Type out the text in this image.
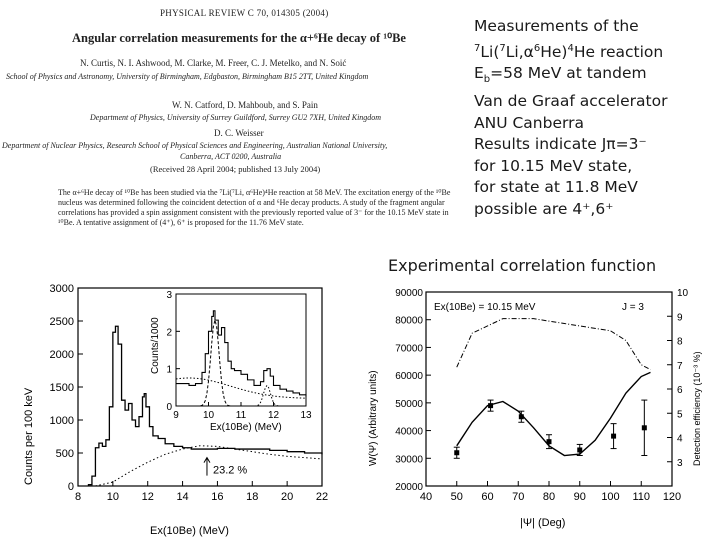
PHYSICAL REVIEW C 70, 014305 (2004)
Angular correlation measurements for the α+⁶He decay of ¹⁰Be
N. Curtis, N. I. Ashwood, M. Clarke, M. Freer, C. J. Metelko, and N. Soić
School of Physics and Astronomy, University of Birmingham, Edgbaston, Birmingham B15 2TT, United Kingdom
W. N. Catford, D. Mahboub, and S. Pain
Department of Physics, University of Surrey Guildford, Surrey GU2 7XH, United Kingdom
D. C. Weisser
Department of Nuclear Physics, Research School of Physical Sciences and Engineering, Australian National University,
Canberra, ACT 0200, Australia
(Received 28 April 2004; published 13 July 2004)
The α+⁶He decay of ¹⁰Be has been studied via the ⁷Li(⁷Li, α⁶He)⁴He reaction at 58 MeV. The excitation energy of the ¹⁰Be nucleus was determined following the coincident detection of α and ⁶He decay products. A study of the fragment angular correlations has provided a spin assignment consistent with the previously reported value of 3⁻ for the 10.15 MeV state in ¹⁰Be. A tentative assignment of (4⁺), 6⁺ is proposed for the 11.76 MeV state.
Measurements of the
$^7Li(^7Li,\alpha^6He)^4He$ reaction
$E_b=58$ MeV at tandem
Van de Graaf accelerator
ANU Canberra
Results indicate Jπ=3⁻
for 10.15 MeV state,
for state at 11.8 MeV
possible are 4⁺,6⁺
Experimental correlation function
8 10 12 14 16 18 20 22
0
500
1000
1500
2000
2500
3000
23.2 %
9 10 11 12 13
0
1
2
3
Counts/1000
Ex(10Be) (MeV)
Counts per 100 keV
Ex(10Be) (MeV)
40 50 60 70 80 90 100 110 120
20000
30000
40000
50000
60000
70000
80000
90000
3
4
5
6
7
8
9
10
W(Ψ) (Arbitrary units)	Detection efficiency (10⁻³ %)
|Ψ| (Deg)
Ex(10Be) = 10.15 MeV	J = 3
